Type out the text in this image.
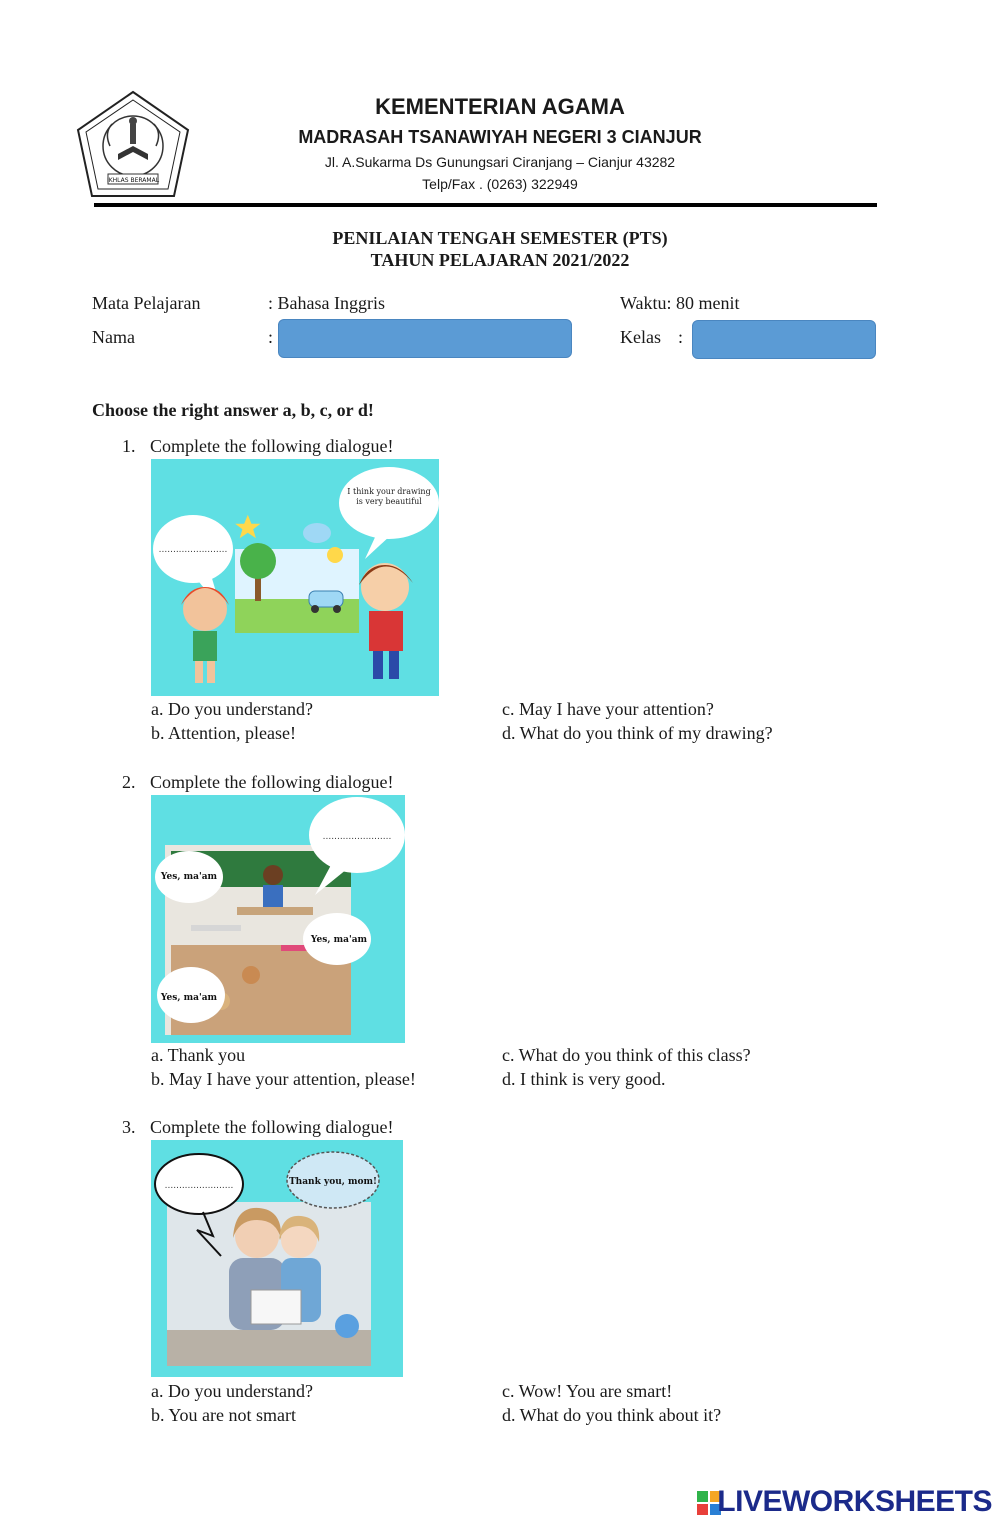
IKHLAS BERAMAL
KEMENTERIAN AGAMA
MADRASAH TSANAWIYAH NEGERI 3 CIANJUR
Jl. A.Sukarma Ds Gunungsari Ciranjang – Cianjur 43282
Telp/Fax . (0263) 322949
PENILAIAN TENGAH SEMESTER (PTS)
TAHUN PELAJARAN 2021/2022
Mata Pelajaran	: Bahasa Inggris	Waktu: 80 menit
Nama	:	Kelas :
Choose the right answer a, b, c, or d!
1. Complete the following dialogue!
........................
I think your drawing
is very beautiful
a. Do you understand?
b. Attention, please!
c. May I have your attention?
d. What do you think of my drawing?
2. Complete the following dialogue!
........................
Yes, ma'am
Yes, ma'am
Yes, ma'am
a. Thank you
b. May I have your attention, please!
c. What do you think of this class?
d. I think is very good.
3. Complete the following dialogue!
........................	Thank you, mom!
a. Do you understand?
b. You are not smart
c. Wow! You are smart!
d. What do you think about it?
LIVEWORKSHEETS
